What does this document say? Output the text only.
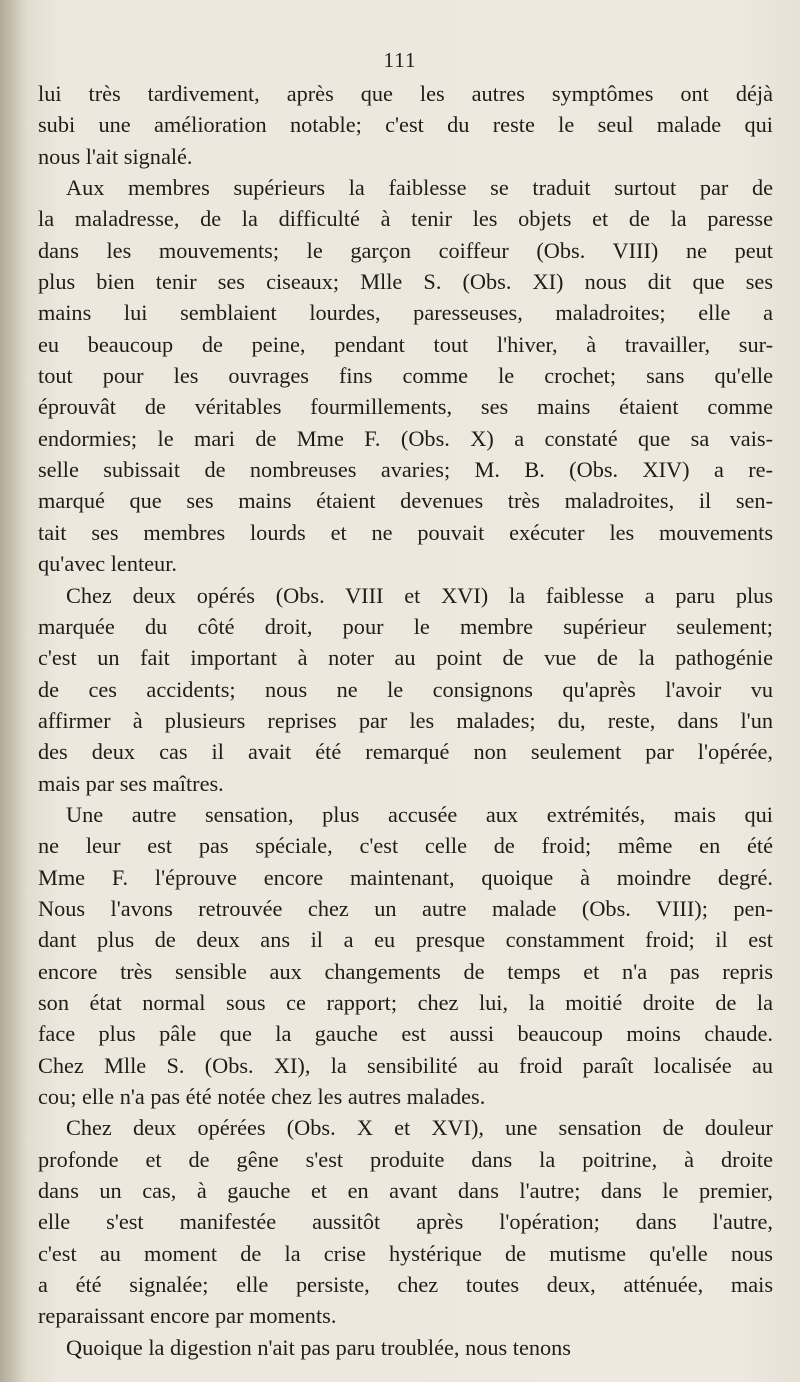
111
lui très tardivement, après que les autres symptômes ont déjà
subi une amélioration notable; c'est du reste le seul malade qui
nous l'ait signalé.
Aux membres supérieurs la faiblesse se traduit surtout par de
la maladresse, de la difficulté à tenir les objets et de la paresse
dans les mouvements; le garçon coiffeur (Obs. VIII) ne peut
plus bien tenir ses ciseaux; Mlle S. (Obs. XI) nous dit que ses
mains lui semblaient lourdes, paresseuses, maladroites; elle a
eu beaucoup de peine, pendant tout l'hiver, à travailler, sur-
tout pour les ouvrages fins comme le crochet; sans qu'elle
éprouvât de véritables fourmillements, ses mains étaient comme
endormies; le mari de Mme F. (Obs. X) a constaté que sa vais-
selle subissait de nombreuses avaries; M. B. (Obs. XIV) a re-
marqué que ses mains étaient devenues très maladroites, il sen-
tait ses membres lourds et ne pouvait exécuter les mouvements
qu'avec lenteur.
Chez deux opérés (Obs. VIII et XVI) la faiblesse a paru plus
marquée du côté droit, pour le membre supérieur seulement;
c'est un fait important à noter au point de vue de la pathogénie
de ces accidents; nous ne le consignons qu'après l'avoir vu
affirmer à plusieurs reprises par les malades; du, reste, dans l'un
des deux cas il avait été remarqué non seulement par l'opérée,
mais par ses maîtres.
Une autre sensation, plus accusée aux extrémités, mais qui
ne leur est pas spéciale, c'est celle de froid; même en été
Mme F. l'éprouve encore maintenant, quoique à moindre degré.
Nous l'avons retrouvée chez un autre malade (Obs. VIII); pen-
dant plus de deux ans il a eu presque constamment froid; il est
encore très sensible aux changements de temps et n'a pas repris
son état normal sous ce rapport; chez lui, la moitié droite de la
face plus pâle que la gauche est aussi beaucoup moins chaude.
Chez Mlle S. (Obs. XI), la sensibilité au froid paraît localisée au
cou; elle n'a pas été notée chez les autres malades.
Chez deux opérées (Obs. X et XVI), une sensation de douleur
profonde et de gêne s'est produite dans la poitrine, à droite
dans un cas, à gauche et en avant dans l'autre; dans le premier,
elle s'est manifestée aussitôt après l'opération; dans l'autre,
c'est au moment de la crise hystérique de mutisme qu'elle nous
a été signalée; elle persiste, chez toutes deux, atténuée, mais
reparaissant encore par moments.
Quoique la digestion n'ait pas paru troublée, nous tenons
